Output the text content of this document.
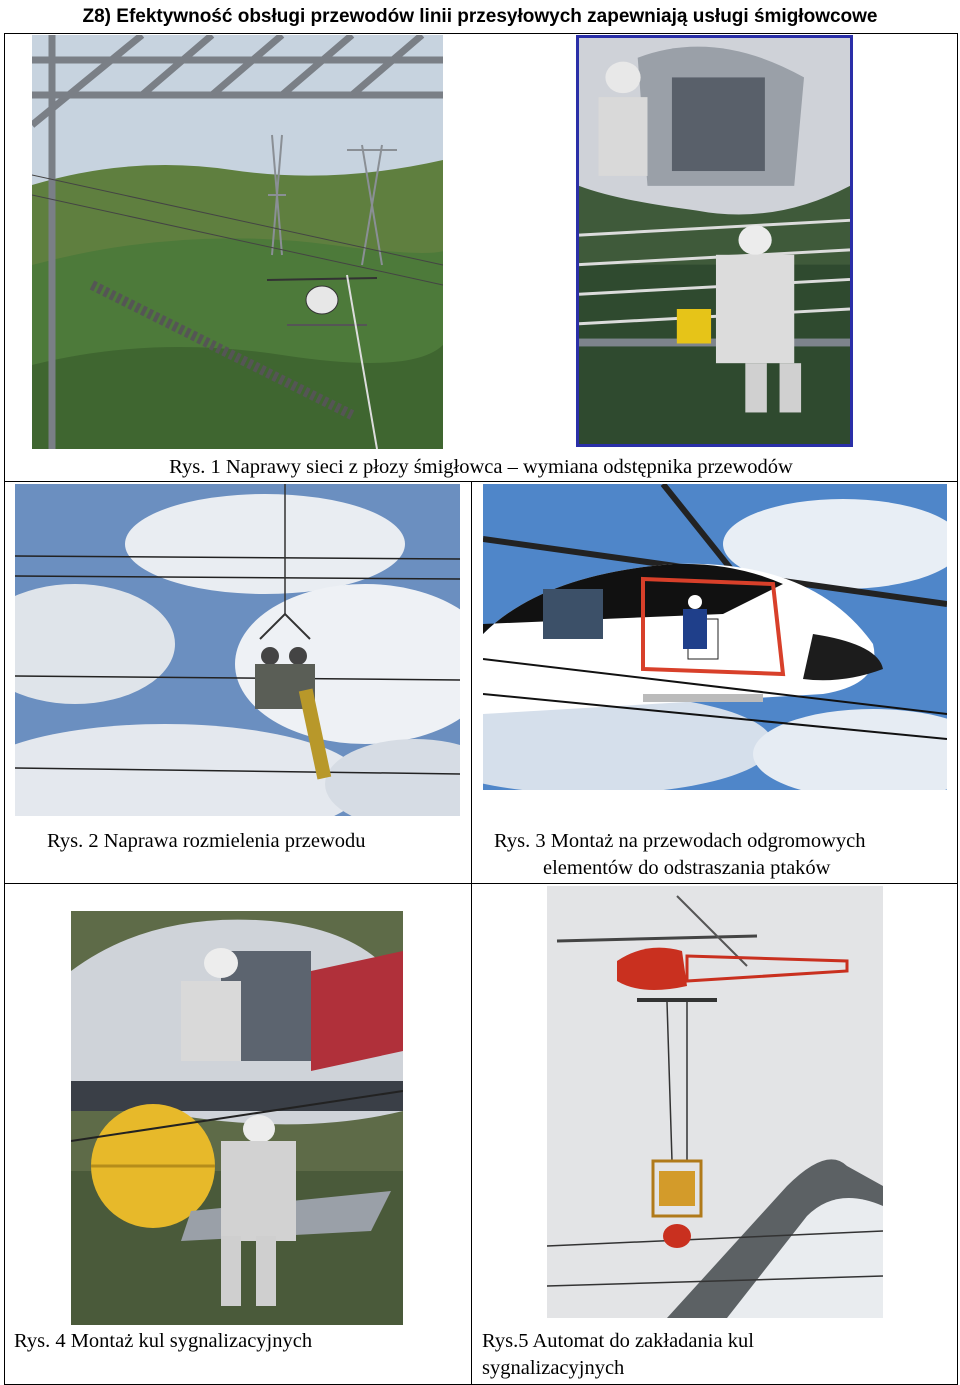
Z8) Efektywność obsługi przewodów linii przesyłowych zapewniają usługi śmigłowcowe
Rys. 1 Naprawy sieci z płozy śmigłowca – wymiana odstępnika przewodów
Rys. 2 Naprawa rozmielenia przewodu	Rys. 3 Montaż na przewodach odgromowych
elementów do odstraszania ptaków
Rys. 4 Montaż kul sygnalizacyjnych	Rys.5 Automat do zakładania kul
sygnalizacyjnych
